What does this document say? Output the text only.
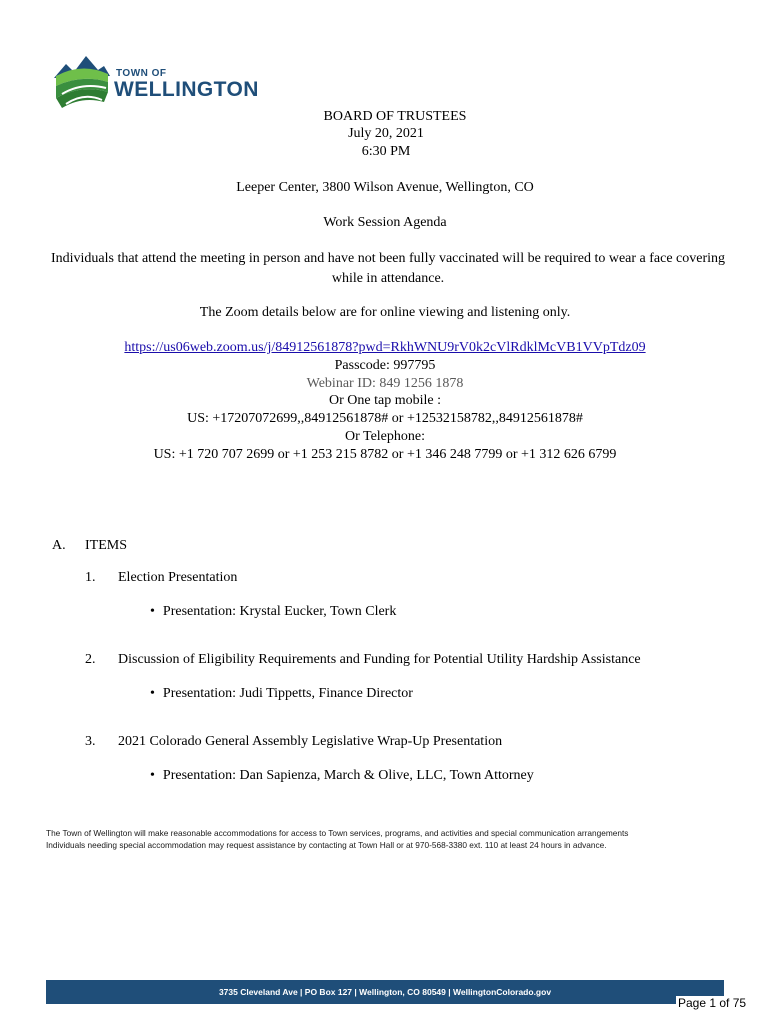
TOWN OF
WELLINGTON
BOARD OF TRUSTEES
July 20, 2021
6:30 PM
Leeper Center, 3800 Wilson Avenue, Wellington, CO
Work Session Agenda
Individuals that attend the meeting in person and have not been fully vaccinated will be required to wear a face covering while in attendance.
The Zoom details below are for online viewing and listening only.
https://us06web.zoom.us/j/84912561878?pwd=RkhWNU9rV0k2cVlRdklMcVB1VVpTdz09
Passcode: 997795
Webinar ID: 849 1256 1878
Or One tap mobile :
US: +17207072699,,84912561878# or +12532158782,,84912561878#
Or Telephone:
US: +1 720 707 2699 or +1 253 215 8782 or +1 346 248 7799 or +1 312 626 6799
A. ITEMS
1. Election Presentation
• Presentation: Krystal Eucker, Town Clerk
2. Discussion of Eligibility Requirements and Funding for Potential Utility Hardship Assistance
• Presentation: Judi Tippetts, Finance Director
3. 2021 Colorado General Assembly Legislative Wrap-Up Presentation
• Presentation: Dan Sapienza, March & Olive, LLC, Town Attorney
The Town of Wellington will make reasonable accommodations for access to Town services, programs, and activities and special communication arrangements
Individuals needing special accommodation may request assistance by contacting at Town Hall or at 970-568-3380 ext. 110 at least 24 hours in advance.
3735 Cleveland Ave | PO Box 127 | Wellington, CO 80549 | WellingtonColorado.gov
Page 1 of 75
